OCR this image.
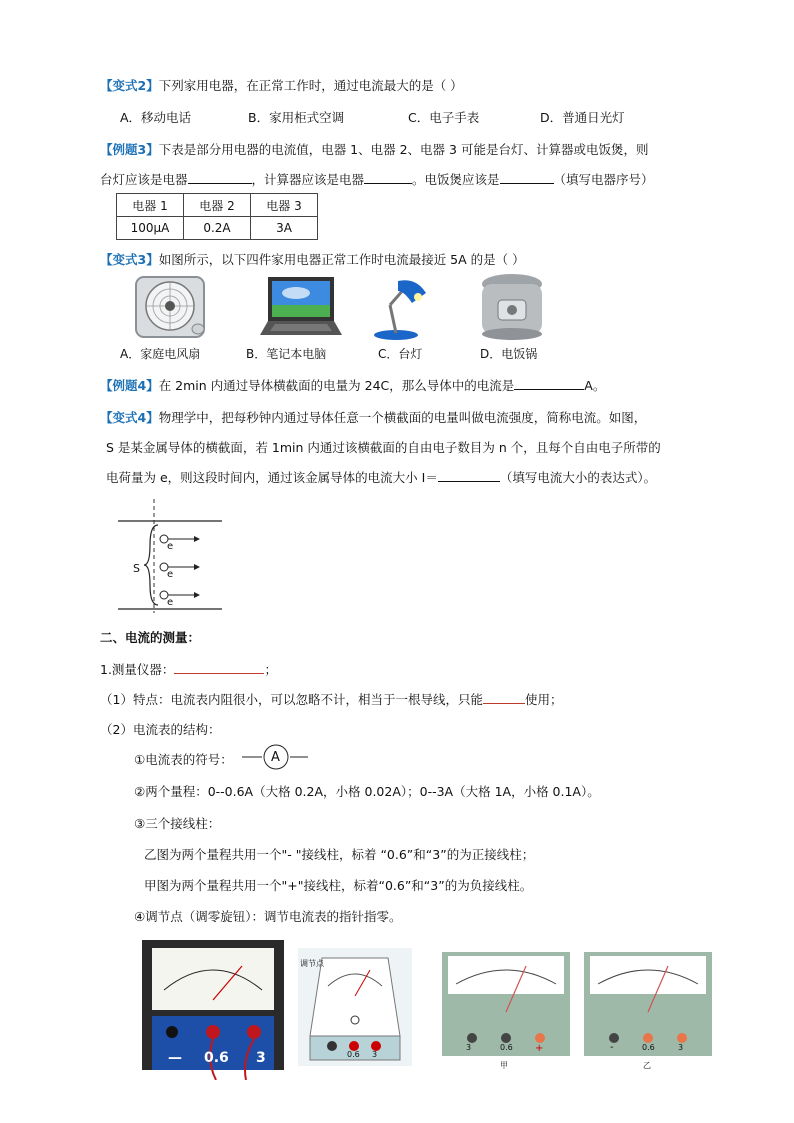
【变式2】下列家用电器，在正常工作时，通过电流最大的是（ ）
A．移动电话	B．家用柜式空调	C．电子手表	D．普通日光灯
【例题3】下表是部分用电器的电流值，电器 1、电器 2、电器 3 可能是台灯、计算器或电饭煲，则
台灯应该是电器	，计算器应该是电器	。电饭煲应该是	（填写电器序号）
电器 1	电器 2	电器 3
100μA	0.2A	3A
【变式3】如图所示，以下四件家用电器正常工作时电流最接近 5A 的是（ ）
A．家庭电风扇	B．笔记本电脑	C．台灯	D．电饭锅
【例题4】在 2min 内通过导体横截面的电量为 24C，那么导体中的电流是	A。
【变式4】物理学中，把每秒钟内通过导体任意一个横截面的电量叫做电流强度，简称电流。如图，
S 是某金属导体的横截面，若 1min 内通过该横截面的自由电子数目为 n 个，且每个自由电子所带的
电荷量为 e，则这段时间内，通过该金属导体的电流大小 I＝	（填写电流大小的表达式）。
S
e
e
e
二、电流的测量：
1.测量仪器：	；
（1）特点：电流表内阻很小，可以忽略不计，相当于一根导线，只能	使用；
（2）电流表的结构：
①电流表的符号：	A
②两个量程：0--0.6A（大格 0.2A，小格 0.02A）；0--3A（大格 1A，小格 0.1A）。
③三个接线柱：
乙图为两个量程共用一个"- "接线柱，标着 “0.6”和“3”的为正接线柱；
甲图为两个量程共用一个"+"接线柱，标着“0.6”和“3”的为负接线柱。
④调节点（调零旋钮）：调节电流表的指针指零。
— 0.6 3
调节点
0.6 3
3	0.6 +
甲
-	0.6	3
乙
